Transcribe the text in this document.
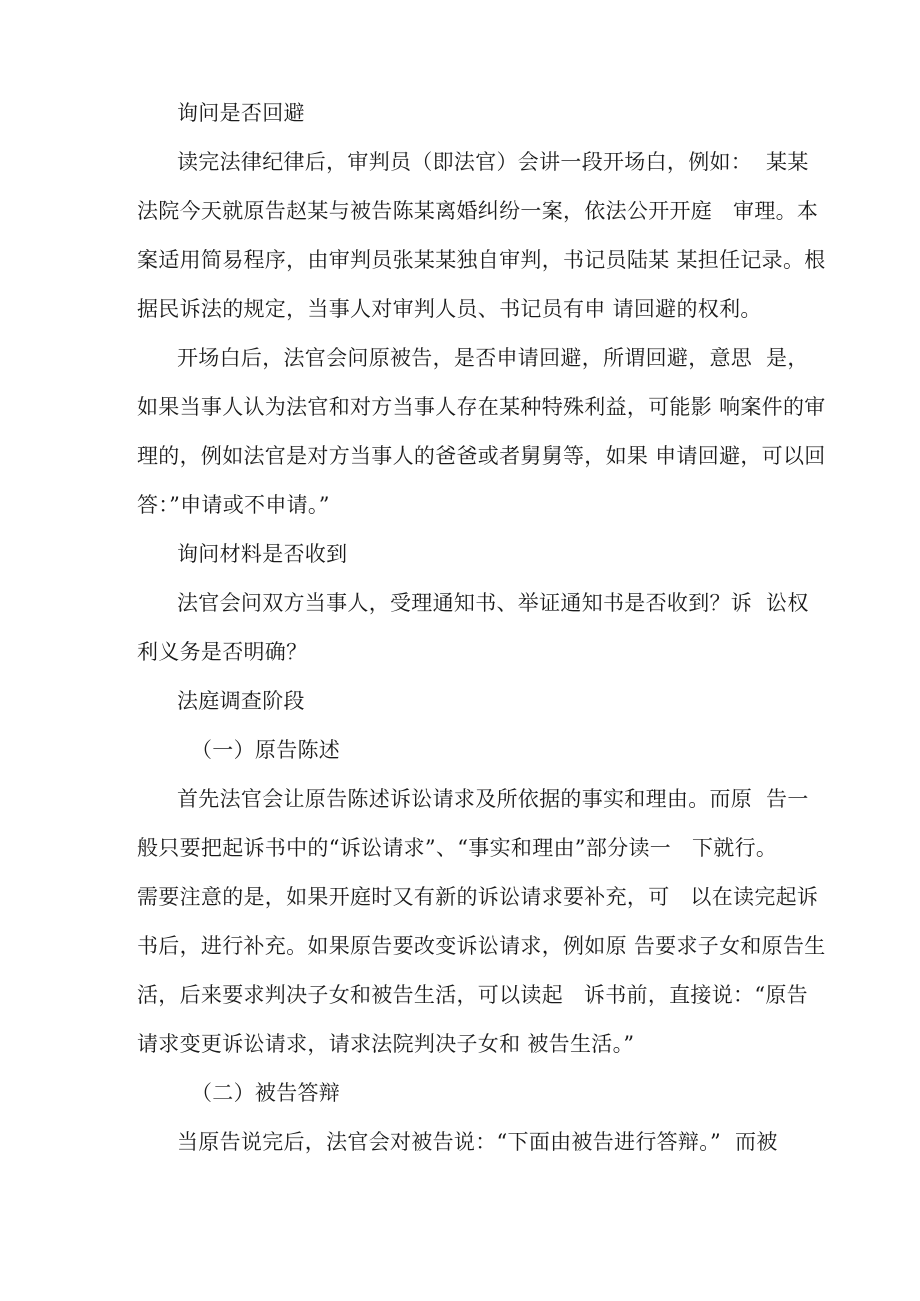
询问是否回避
读完法律纪律后，审判员（即法官）会讲一段开场白，例如：  某某
法院今天就原告赵某与被告陈某离婚纠纷一案，依法公开开庭   审理。本
案适用简易程序，由审判员张某某独自审判，书记员陆某 某担任记录。根
据民诉法的规定，当事人对审判人员、书记员有申 请回避的权利。
开场白后，法官会问原被告，是否申请回避，所谓回避，意思  是，
如果当事人认为法官和对方当事人存在某种特殊利益，可能影 响案件的审
理的，例如法官是对方当事人的爸爸或者舅舅等，如果 申请回避，可以回
答：”申请或不申请。”
询问材料是否收到
法官会问双方当事人，受理通知书、举证通知书是否收到？诉  讼权
利义务是否明确？
法庭调查阶段
（一）原告陈述
首先法官会让原告陈述诉讼请求及所依据的事实和理由。而原  告一
般只要把起诉书中的“诉讼请求”、“事实和理由”部分读一   下就行。
需要注意的是，如果开庭时又有新的诉讼请求要补充，可   以在读完起诉
书后，进行补充。如果原告要改变诉讼请求，例如原 告要求子女和原告生
活，后来要求判决子女和被告生活，可以读起   诉书前，直接说：“原告
请求变更诉讼请求，请求法院判决子女和 被告生活。”
（二）被告答辩
当原告说完后，法官会对被告说：“下面由被告进行答辩。”  而被
